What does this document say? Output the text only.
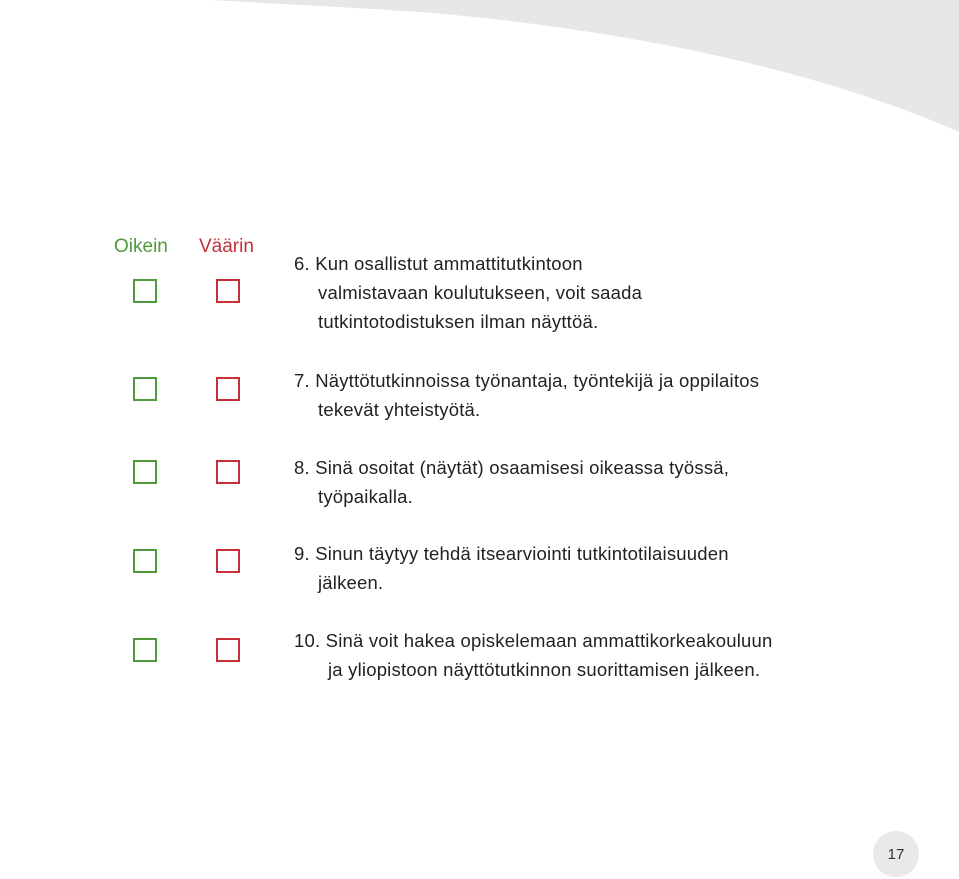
Oikein Väärin
6. Kun osallistut ammattitutkintoon
valmistavaan koulutukseen, voit saada
tutkintotodistuksen ilman näyttöä.
7. Näyttötutkinnoissa työnantaja, työntekijä ja oppilaitos
tekevät yhteistyötä.
8. Sinä osoitat (näytät) osaamisesi oikeassa työssä,
työpaikalla.
9. Sinun täytyy tehdä itsearviointi tutkintotilaisuuden
jälkeen.
10. Sinä voit hakea opiskelemaan ammattikorkeakouluun
ja yliopistoon näyttötutkinnon suorittamisen jälkeen.
17
